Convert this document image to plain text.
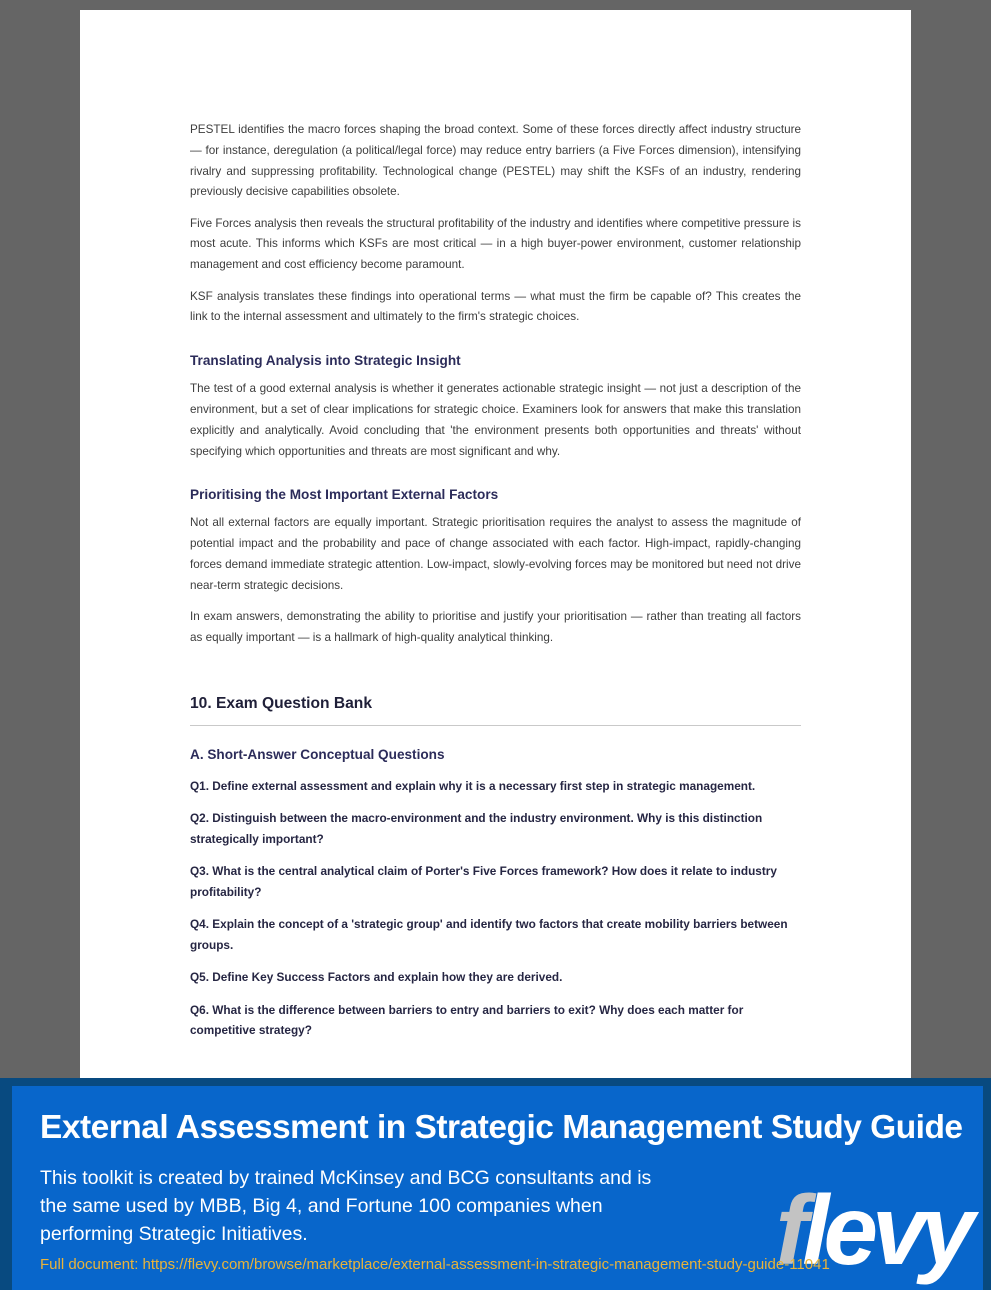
PESTEL identifies the macro forces shaping the broad context. Some of these forces directly affect industry structure — for instance, deregulation (a political/legal force) may reduce entry barriers (a Five Forces dimension), intensifying rivalry and suppressing profitability. Technological change (PESTEL) may shift the KSFs of an industry, rendering previously decisive capabilities obsolete.

Five Forces analysis then reveals the structural profitability of the industry and identifies where competitive pressure is most acute. This informs which KSFs are most critical — in a high buyer-power environment, customer relationship management and cost efficiency become paramount.

KSF analysis translates these findings into operational terms — what must the firm be capable of? This creates the link to the internal assessment and ultimately to the firm's strategic choices.

Translating Analysis into Strategic Insight

The test of a good external analysis is whether it generates actionable strategic insight — not just a description of the environment, but a set of clear implications for strategic choice. Examiners look for answers that make this translation explicitly and analytically. Avoid concluding that 'the environment presents both opportunities and threats' without specifying which opportunities and threats are most significant and why.

Prioritising the Most Important External Factors

Not all external factors are equally important. Strategic prioritisation requires the analyst to assess the magnitude of potential impact and the probability and pace of change associated with each factor. High-impact, rapidly-changing forces demand immediate strategic attention. Low-impact, slowly-evolving forces may be monitored but need not drive near-term strategic decisions.

In exam answers, demonstrating the ability to prioritise and justify your prioritisation — rather than treating all factors as equally important — is a hallmark of high-quality analytical thinking.

10. Exam Question Bank
A. Short-Answer Conceptual Questions

Q1. Define external assessment and explain why it is a necessary first step in strategic management.

Q2. Distinguish between the macro-environment and the industry environment. Why is this distinction strategically important?

Q3. What is the central analytical claim of Porter's Five Forces framework? How does it relate to industry profitability?

Q4. Explain the concept of a 'strategic group' and identify two factors that create mobility barriers between groups.

Q5. Define Key Success Factors and explain how they are derived.

Q6. What is the difference between barriers to entry and barriers to exit? Why does each matter for competitive strategy?

External Assessment in Strategic Management Study Guide
This toolkit is created by trained McKinsey and BCG consultants and is
the same used by MBB, Big 4, and Fortune 100 companies when
performing Strategic Initiatives.
Full document: https://flevy.com/browse/marketplace/external-assessment-in-strategic-management-study-guide-11041
flevy
